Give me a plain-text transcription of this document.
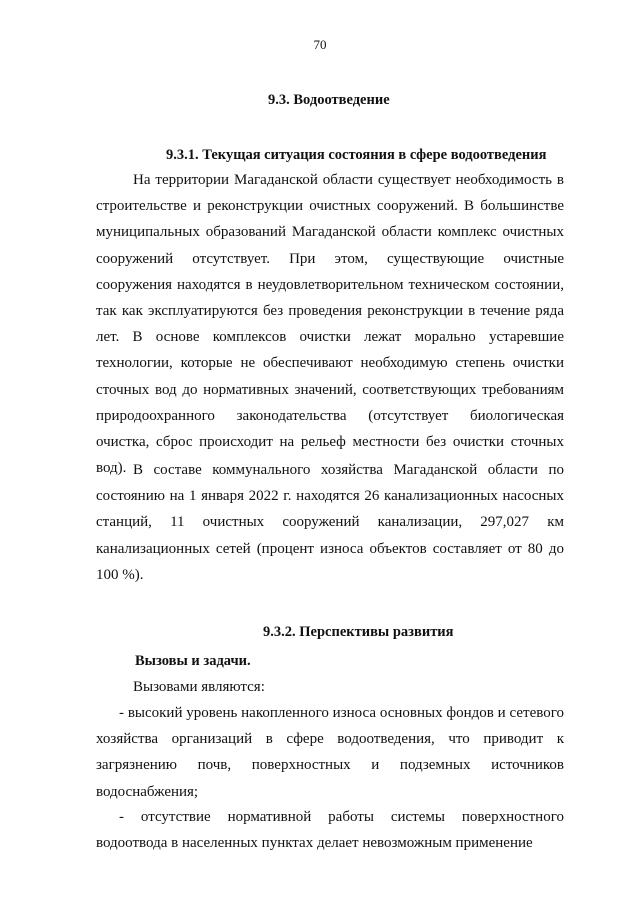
70
9.3. Водоотведение
9.3.1. Текущая ситуация состояния в сфере водоотведения

На территории Магаданской области существует необходимость в строительстве и реконструкции очистных сооружений. В большинстве муниципальных образований Магаданской области комплекс очистных сооружений отсутствует. При этом, существующие очистные сооружения находятся в неудовлетворительном техническом состоянии, так как эксплуатируются без проведения реконструкции в течение ряда лет. В основе комплексов очистки лежат морально устаревшие технологии, которые не обеспечивают необходимую степень очистки сточных вод до нормативных значений, соответствующих требованиям природоохранного законодательства (отсутствует биологическая очистка, сброс происходит на рельеф местности без очистки сточных вод). В составе коммунального хозяйства Магаданской области по состоянию на 1 января 2022 г. находятся 26 канализационных насосных станций, 11 очистных сооружений канализации, 297,027 км канализационных сетей (процент износа объектов составляет от 80 до 100 %).

9.3.2. Перспективы развития
Вызовы и задачи.

Вызовами являются:

- высокий уровень накопленного износа основных фондов и сетевого хозяйства организаций в сфере водоотведения, что приводит к загрязнению почв, поверхностных и подземных источников водоснабжения;

- отсутствие нормативной работы системы поверхностного водоотвода в населенных пунктах делает невозможным применение
